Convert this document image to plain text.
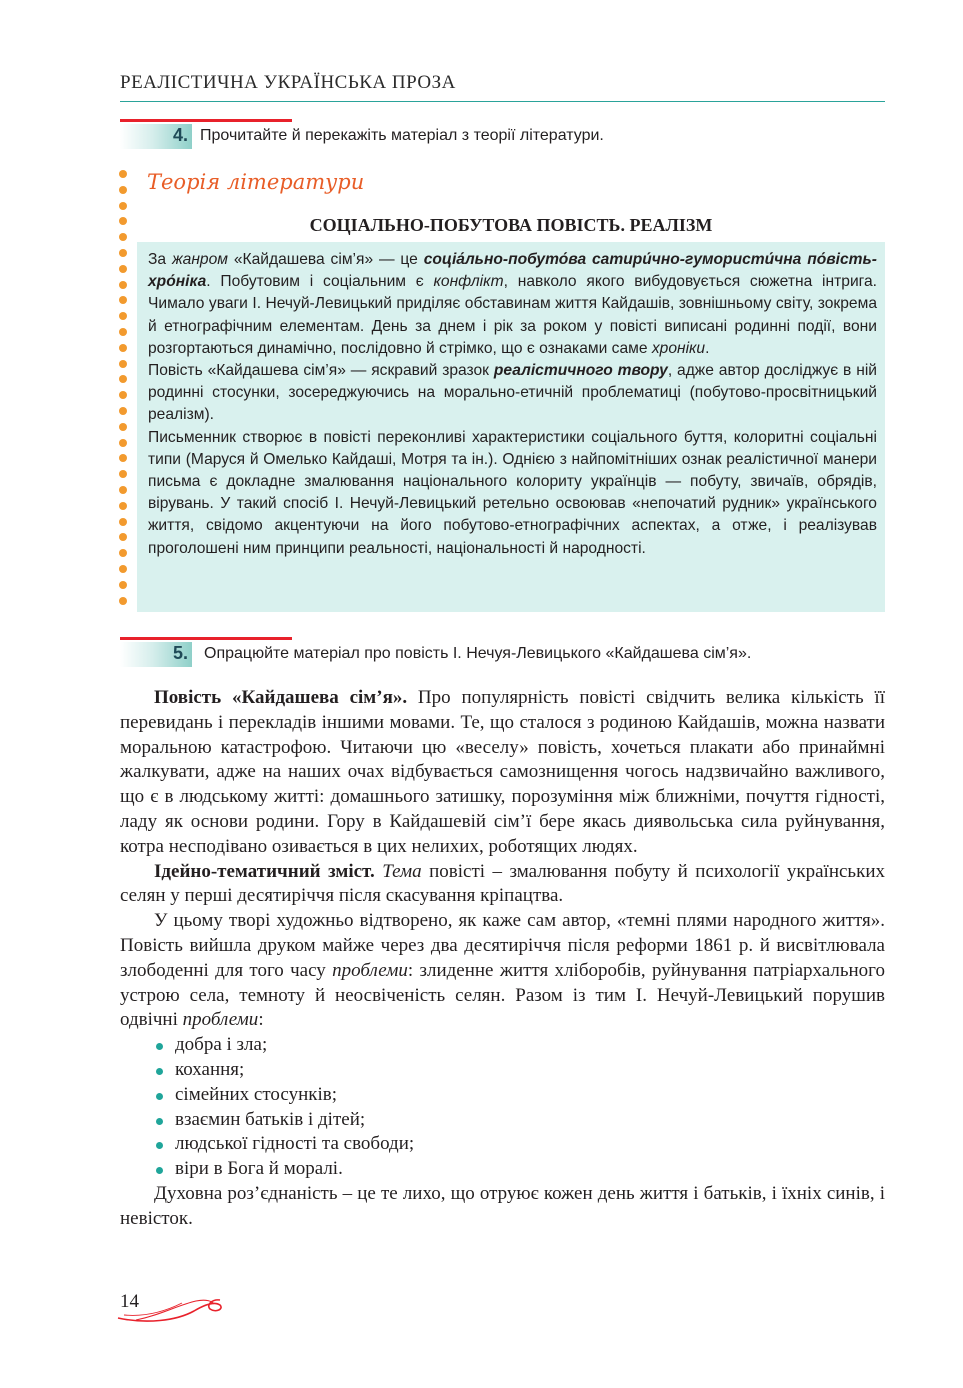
РЕАЛІСТИЧНА УКРАЇНСЬКА ПРОЗА
4. Прочитайте й перекажіть матеріал з теорії літератури.
Теорія літератури
СОЦІАЛЬНО-ПОБУТОВА ПОВІСТЬ. РЕАЛІЗМ

За жанром «Кайдашева сім’я» — це соціа́льно-побуто́ва сатири́чно-гумористи́чна по́вість-хро́ніка. Побутовим і соціальним є конфлікт, навколо якого вибудовується сюжетна інтрига. Чимало уваги І. Нечуй-Левицький приділяє обставинам життя Кайдашів, зовнішньому світу, зокрема й етнографічним елементам. День за днем і рік за роком у повісті виписані родинні події, вони розгортаються динамічно, послідовно й стрімко, що є ознаками саме хроніки.

Повість «Кайдашева сім’я» — яскравий зразок реалістичного твору, адже автор досліджує в ній родинні стосунки, зосереджуючись на морально-етичній проблематиці (побутово-просвітницький реалізм).

Письменник створює в повісті переконливі характеристики соціального буття, колоритні соціальні типи (Маруся й Омелько Кайдаші, Мотря та ін.). Однією з найпомітніших ознак реалістичної манери письма є докладне змалювання національного колориту українців — побуту, звичаїв, обрядів, вірувань. У такий спосіб І. Нечуй-Левицький ретельно освоював «непочатий рудник» українського життя, свідомо акцентуючи на його побутово-етнографічних аспектах, а отже, і реалізував проголошені ним принципи реальності, національності й народності.

5. Опрацюйте матеріал про повість І. Нечуя-Левицького «Кайдашева сім’я».

Повість «Кайдашева сім’я». Про популярність повісті свідчить велика кількість її перевидань і перекладів іншими мовами. Те, що сталося з родиною Кайдашів, можна назвати моральною катастрофою. Читаючи цю «веселу» повість, хочеться плакати або принаймні жалкувати, адже на наших очах відбувається самознищення чогось надзвичайно важливого, що є в людському житті: домашнього затишку, порозуміння між ближніми, почуття гідності, ладу як основи родини. Гору в Кайдашевій сім’ї бере якась диявольська сила руйнування, котра несподівано озивається в цих нелихих, роботящих людях.

Ідейно-тематичний зміст. Тема повісті – змалювання побуту й психології українських селян у перші десятиріччя після скасування кріпацтва.

У цьому творі художньо відтворено, як каже сам автор, «темні плями народного життя». Повість вийшла друком майже через два десятиріччя після реформи 1861 р. й висвітлювала злободенні для того часу проблеми: злиденне життя хліборобів, руйнування патріархального устрою села, темноту й неосвіченість селян. Разом із тим І. Нечуй-Левицький порушив одвічні проблеми:

добра і зла;
кохання;
сімейних стосунків;
взаємин батьків і дітей;
людської гідності та свободи;
віри в Бога й моралі.

Духовна роз’єднаність – це те лихо, що отруює кожен день життя і батьків, і їхніх синів, і невісток.

14
